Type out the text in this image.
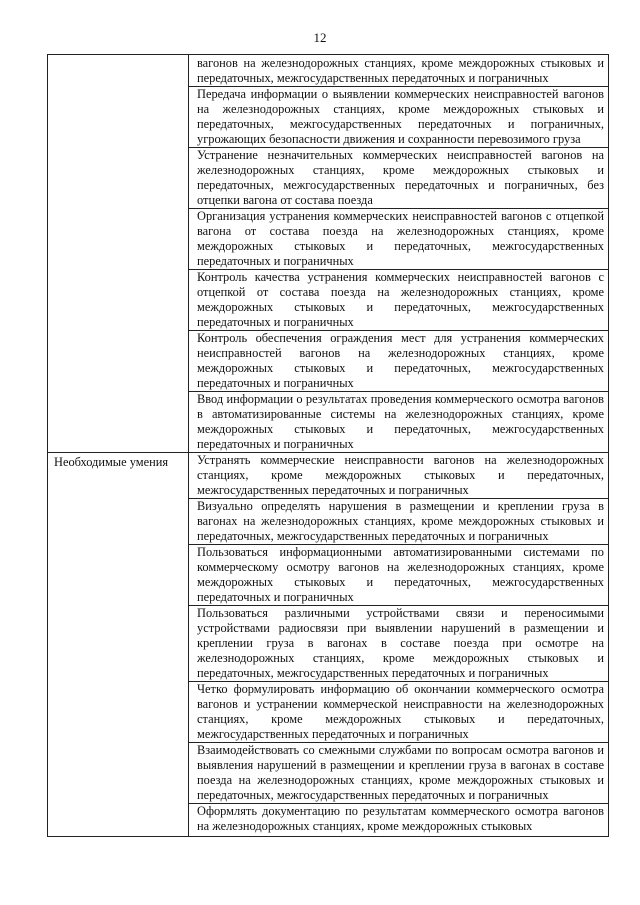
12
	вагонов на железнодорожных станциях, кроме междорожных стыковых и передаточных, межгосударственных передаточных и пограничных
	Передача информации о выявлении коммерческих неисправностей вагонов на железнодорожных станциях, кроме междорожных стыковых и передаточных, межгосударственных передаточных и пограничных, угрожающих безопасности движения и сохранности перевозимого груза
	Устранение незначительных коммерческих неисправностей вагонов на железнодорожных станциях, кроме междорожных стыковых и передаточных, межгосударственных передаточных и пограничных, без отцепки вагона от состава поезда
	Организация устранения коммерческих неисправностей вагонов с отцепкой вагона от состава поезда на железнодорожных станциях, кроме междорожных стыковых и передаточных, межгосударственных передаточных и пограничных
	Контроль качества устранения коммерческих неисправностей вагонов с отцепкой от состава поезда на железнодорожных станциях, кроме междорожных стыковых и передаточных, межгосударственных передаточных и пограничных
	Контроль обеспечения ограждения мест для устранения коммерческих неисправностей вагонов на железнодорожных станциях, кроме междорожных стыковых и передаточных, межгосударственных передаточных и пограничных
	Ввод информации о результатах проведения коммерческого осмотра вагонов в автоматизированные системы на железнодорожных станциях, кроме междорожных стыковых и передаточных, межгосударственных передаточных и пограничных
Необходимые умения	Устранять коммерческие неисправности вагонов на железнодорожных станциях, кроме междорожных стыковых и передаточных, межгосударственных передаточных и пограничных
	Визуально определять нарушения в размещении и креплении груза в вагонах на железнодорожных станциях, кроме междорожных стыковых и передаточных, межгосударственных передаточных и пограничных
	Пользоваться информационными автоматизированными системами по коммерческому осмотру вагонов на железнодорожных станциях, кроме междорожных стыковых и передаточных, межгосударственных передаточных и пограничных
	Пользоваться различными устройствами связи и переносимыми устройствами радиосвязи при выявлении нарушений в размещении и креплении груза в вагонах в составе поезда при осмотре на железнодорожных станциях, кроме междорожных стыковых и передаточных, межгосударственных передаточных и пограничных
	Четко формулировать информацию об окончании коммерческого осмотра вагонов и устранении коммерческой неисправности на железнодорожных станциях, кроме междорожных стыковых и передаточных, межгосударственных передаточных и пограничных
	Взаимодействовать со смежными службами по вопросам осмотра вагонов и выявления нарушений в размещении и креплении груза в вагонах в составе поезда на железнодорожных станциях, кроме междорожных стыковых и передаточных, межгосударственных передаточных и пограничных
	Оформлять документацию по результатам коммерческого осмотра вагонов на железнодорожных станциях, кроме междорожных стыковых
